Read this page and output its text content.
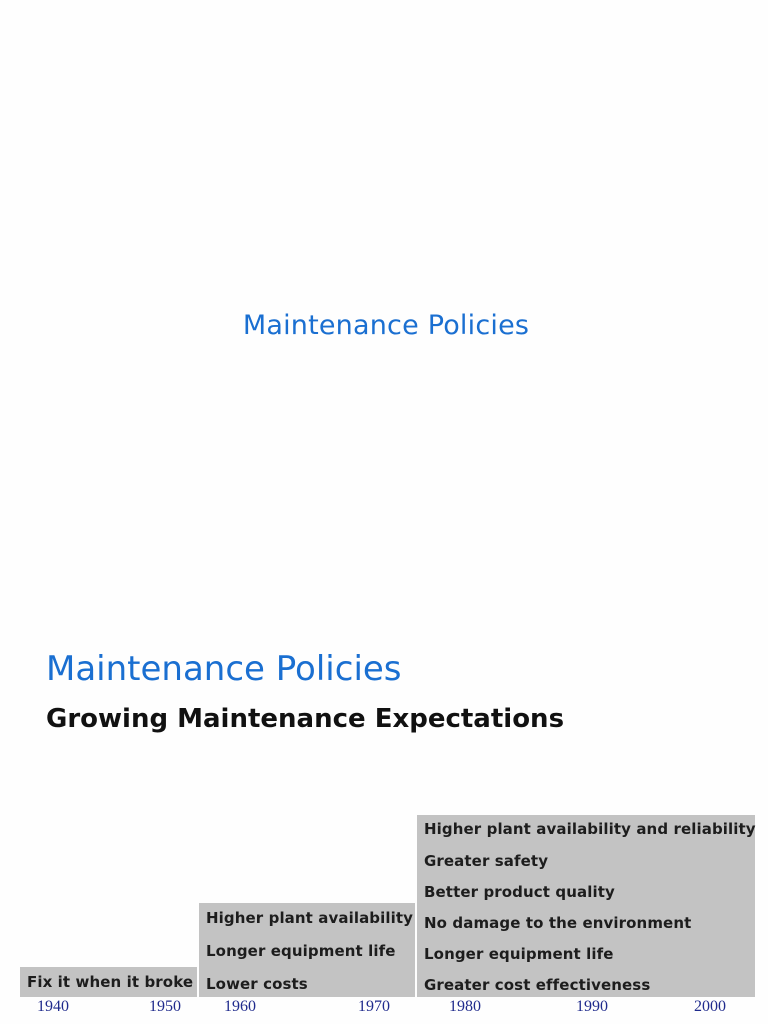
Maintenance Policies
Maintenance Policies
Growing Maintenance Expectations
Fix it when it broke
Higher plant availability
Longer equipment life
Lower costs
Higher plant availability and reliability
Greater safety
Better product quality
No damage to the environment
Longer equipment life
Greater cost effectiveness
1940	1950	1960	1970	1980	1990	2000
